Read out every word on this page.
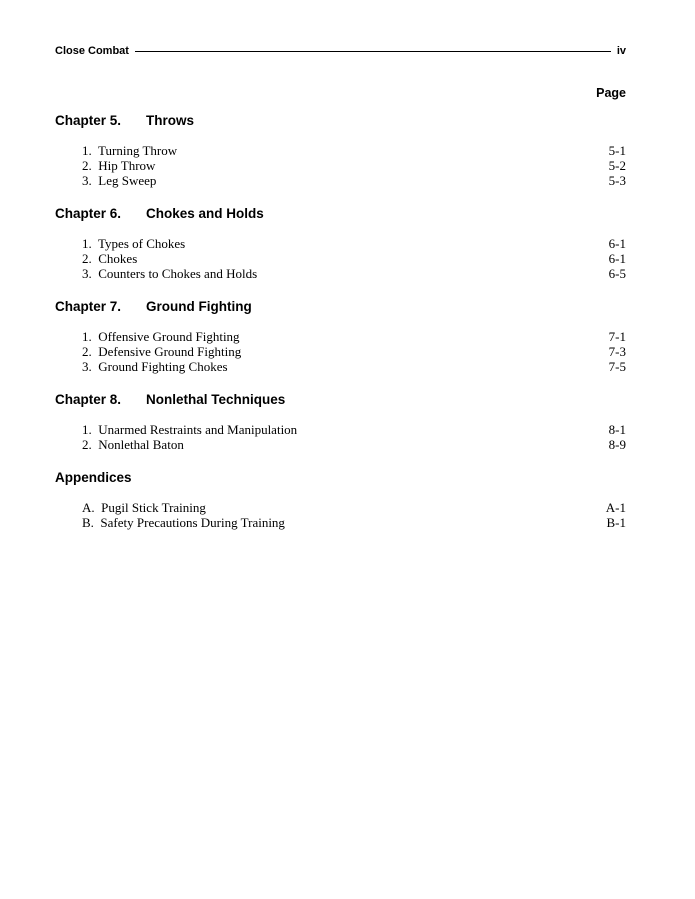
Close Combat	iv
Page
Chapter 5.	Throws
1.  Turning Throw	5-1
2.  Hip Throw	5-2
3.  Leg Sweep	5-3
Chapter 6.	Chokes and Holds
1.  Types of Chokes	6-1
2.  Chokes	6-1
3.  Counters to Chokes and Holds	6-5
Chapter 7.	Ground Fighting
1.  Offensive Ground Fighting	7-1
2.  Defensive Ground Fighting	7-3
3.  Ground Fighting Chokes	7-5
Chapter 8.	Nonlethal Techniques
1.  Unarmed Restraints and Manipulation	8-1
2.  Nonlethal Baton	8-9
Appendices
A.  Pugil Stick Training	A-1
B.  Safety Precautions During Training	B-1
